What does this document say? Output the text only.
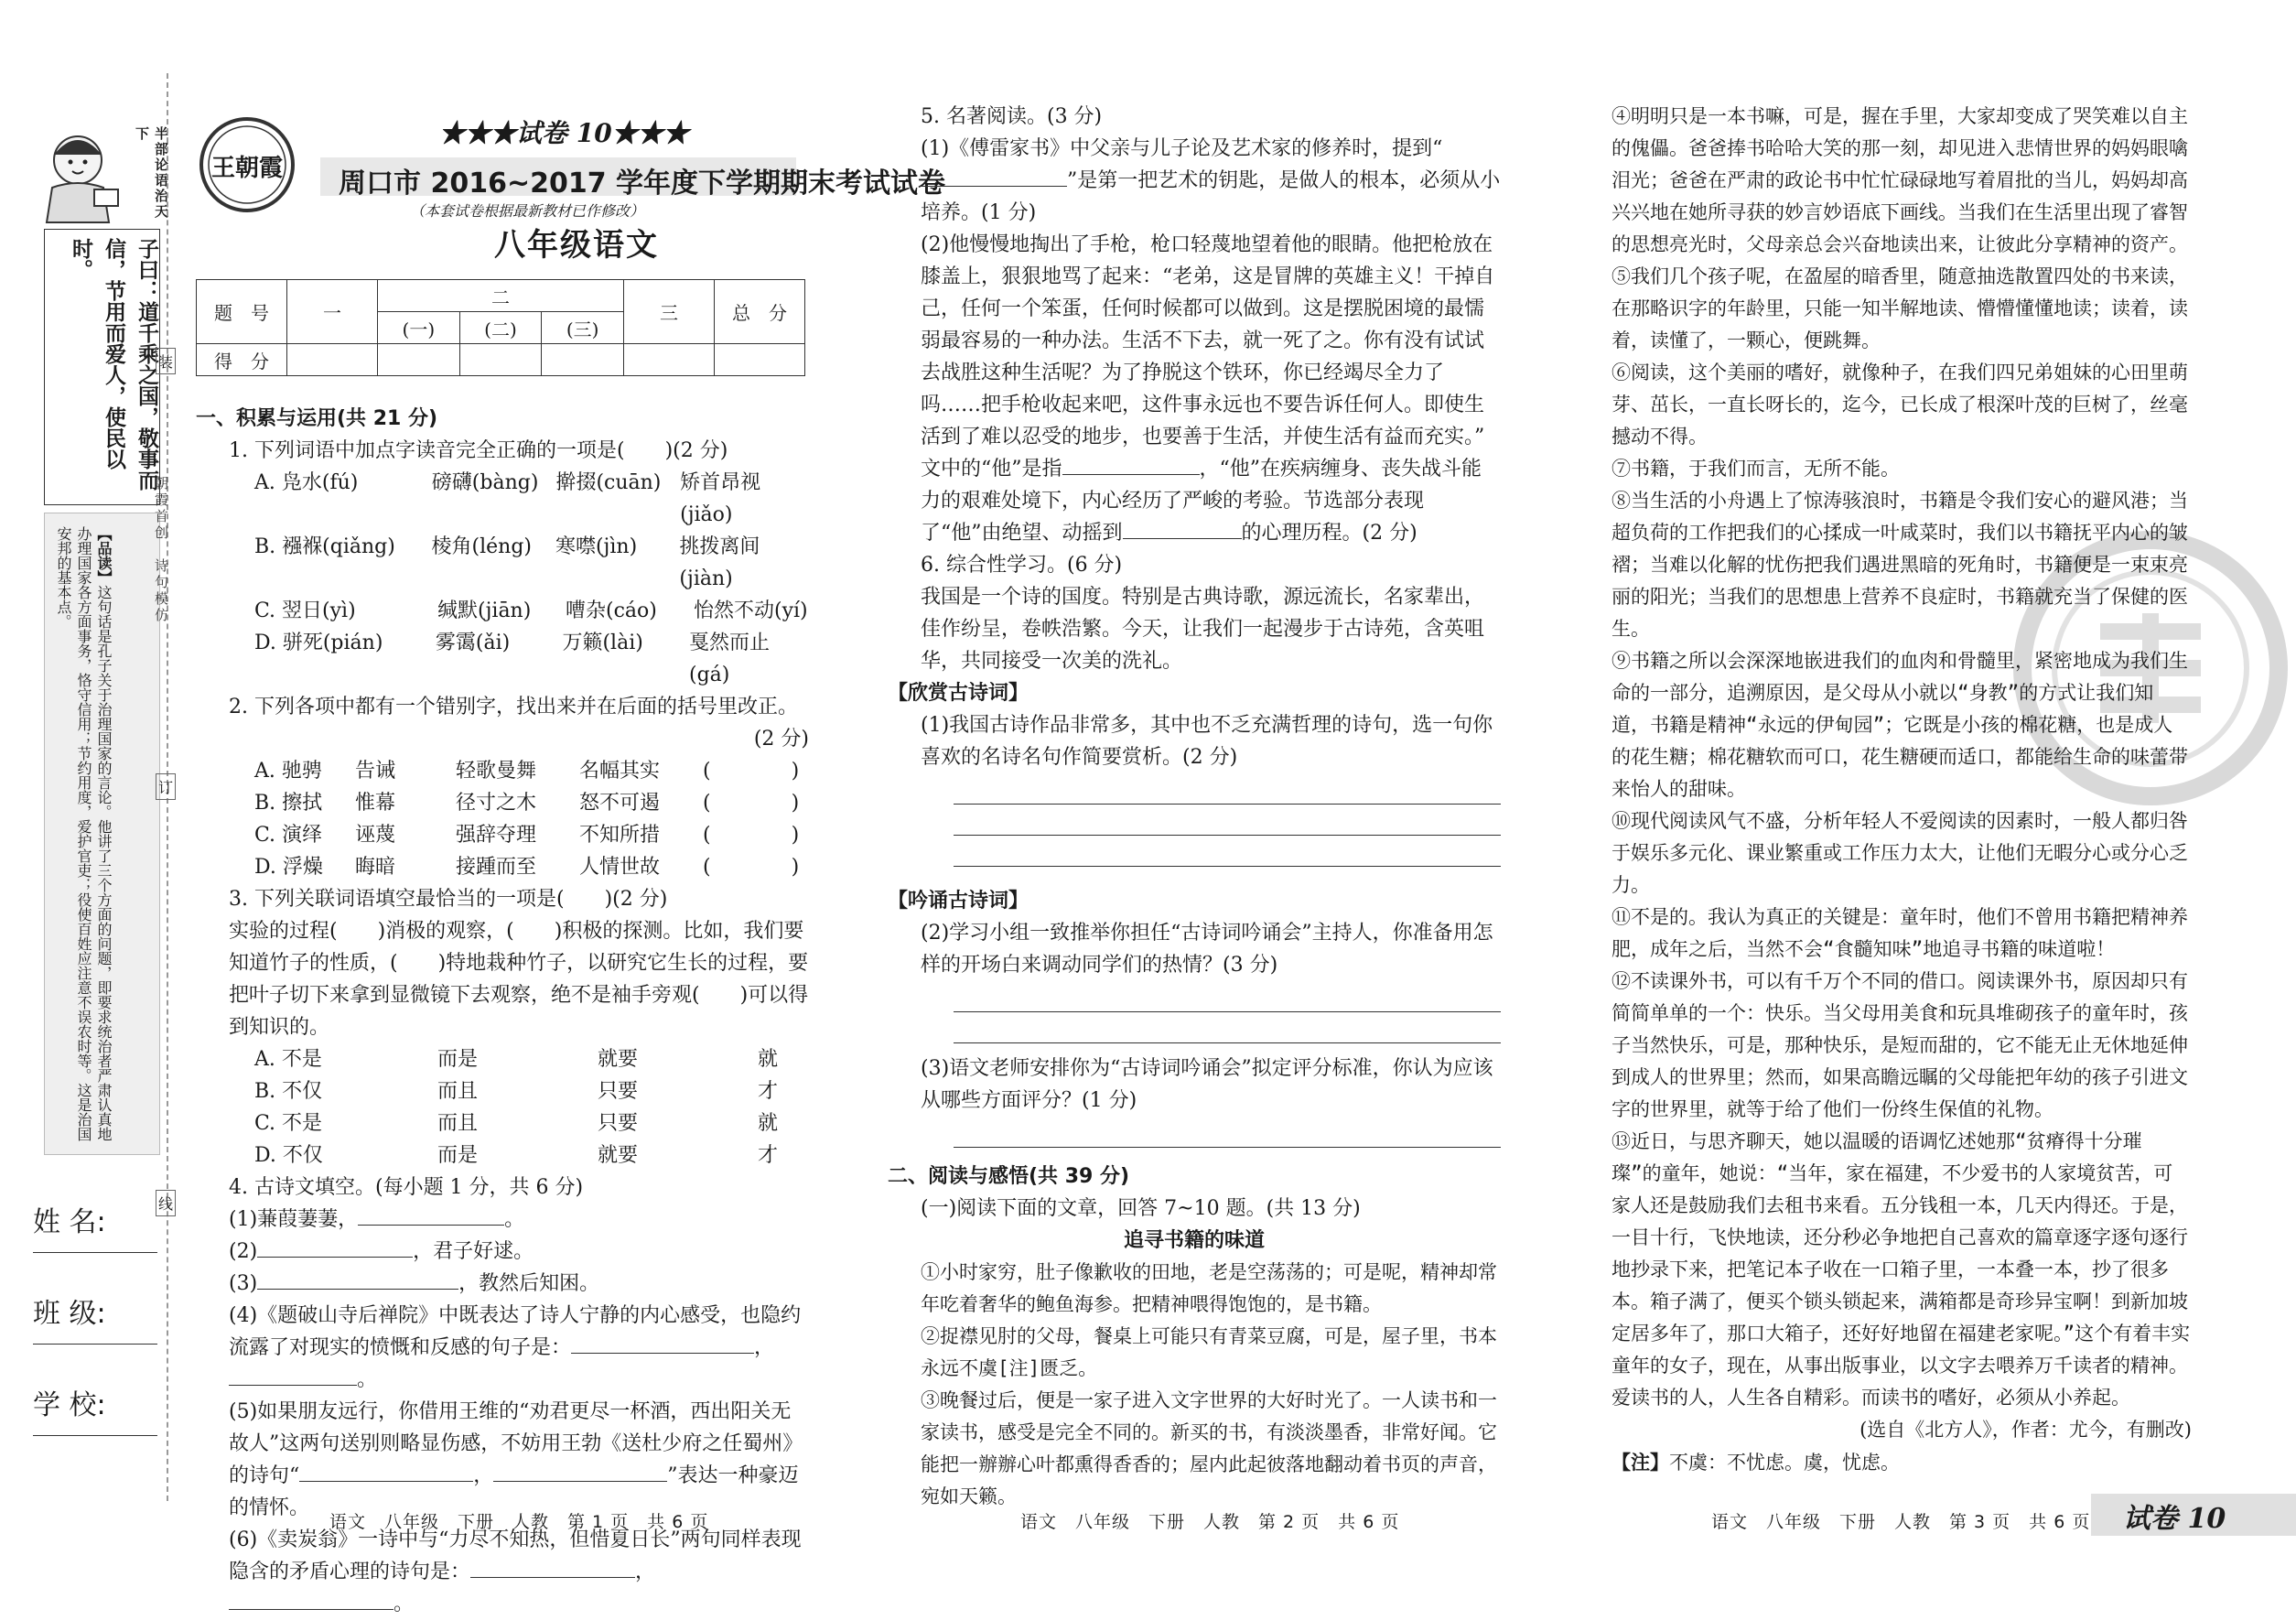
半部论语治天下
子曰：道千乘之国，敬事而信，节用而爱人，使民以时。
【品读】这句话是孔子关于治理国家的言论。他讲了三个方面的问题，即要求统治者严肃认真地办理国家各方面事务，恪守信用；节约用度，爱护官吏；役使百姓应注意不误农时等。这是治国安邦的基本点。	朝霞首创　诗句模仿
装
订
线
姓 名:
班 级:
学 校:
王朝霞
★★★试卷 10★★★
周口市 2016~2017 学年度下学期期末考试试卷
（本套试卷根据最新教材已作修改）
八年级语文
题　号	一	二			三	总　分
		(一)	(二)	(三)		
得　分						

一、积累与运用(共 21 分)

1. 下列词语中加点字读音完全正确的一项是(　　)(2 分)

A. 凫水(fú)	磅礴(bàng) 擀掇(cuān) 矫首昂视(jiǎo)
B. 襁褓(qiǎng)	棱角(léng)	寒噤(jìn)	挑拨离间(jiàn)
C. 翌日(yì)	缄默(jiān)	嘈杂(cáo)	怡然不动(yí)
D. 骈死(pián)	雾霭(ǎi)	万籁(lài)	戛然而止(gá)

2. 下列各项中都有一个错别字，找出来并在后面的括号里改正。

(2 分)

A. 驰骋	告诫	轻歌曼舞	名幅其实	(　　　　)
B. 擦拭	惟幕	径寸之木	怒不可遏	(　　　　)
C. 演绎	诬蔑	强辞夺理	不知所措	(　　　　)
D. 浮燥	晦暗	接踵而至	人情世故	(　　　　)

3. 下列关联词语填空最恰当的一项是(　　)(2 分)

实验的过程(　　)消极的观察，(　　)积极的探测。比如，我们要知道竹子的性质，(　　)特地栽种竹子，以研究它生长的过程，要把叶子切下来拿到显微镜下去观察，绝不是袖手旁观(　　)可以得到知识的。

A. 不是	而是	就要	就
B. 不仅	而且	只要	才
C. 不是	而且	只要	就
D. 不仅	而是	就要	才

4. 古诗文填空。(每小题 1 分，共 6 分)

(1)蒹葭萋萋，	。

(2)	，君子好逑。

(3)	，教然后知困。

(4)《题破山寺后禅院》中既表达了诗人宁静的内心感受，也隐约流露了对现实的愤慨和反感的句子是：	，。

(5)如果朋友远行，你借用王维的“劝君更尽一杯酒，西出阳关无故人”这两句送别则略显伤感，不妨用王勃《送杜少府之任蜀州》的诗句“	，	”表达一种豪迈的情怀。

(6)《卖炭翁》一诗中与“力尽不知热，但惜夏日长”两句同样表现隐含的矛盾心理的诗句是：	，。

5. 名著阅读。(3 分)

(1)《傅雷家书》中父亲与儿子论及艺术家的修养时，提到“”是第一把艺术的钥匙，是做人的根本，必须从小培养。(1 分)

(2)他慢慢地掏出了手枪，枪口轻蔑地望着他的眼睛。他把枪放在膝盖上，狠狠地骂了起来：“老弟，这是冒牌的英雄主义！干掉自己，任何一个笨蛋，任何时候都可以做到。这是摆脱困境的最懦弱最容易的一种办法。生活不下去，就一死了之。你有没有试试去战胜这种生活呢？为了挣脱这个铁环，你已经竭尽全力了吗……把手枪收起来吧，这件事永远也不要告诉任何人。即使生活到了难以忍受的地步，也要善于生活，并使生活有益而充实。”

文中的“他”是指	，“他”在疾病缠身、丧失战斗能力的艰难处境下，内心经历了严峻的考验。节选部分表现了“他”由绝望、动摇到	的心理历程。(2 分)

6. 综合性学习。(6 分)

我国是一个诗的国度。特别是古典诗歌，源远流长，名家辈出，佳作纷呈，卷帙浩繁。今天，让我们一起漫步于古诗苑，含英咀华，共同接受一次美的洗礼。

【欣赏古诗词】

(1)我国古诗作品非常多，其中也不乏充满哲理的诗句，选一句你喜欢的名诗名句作简要赏析。(2 分)

【吟诵古诗词】

(2)学习小组一致推举你担任“古诗词吟诵会”主持人，你准备用怎样的开场白来调动同学们的热情？(3 分)

(3)语文老师安排你为“古诗词吟诵会”拟定评分标准，你认为应该从哪些方面评分？(1 分)

二、阅读与感悟(共 39 分)

(一)阅读下面的文章，回答 7~10 题。(共 13 分)

追寻书籍的味道

①小时家穷，肚子像歉收的田地，老是空荡荡的；可是呢，精神却常年吃着奢华的鲍鱼海参。把精神喂得饱饱的，是书籍。

②捉襟见肘的父母，餐桌上可能只有青菜豆腐，可是，屋子里，书本永远不虞[注]匮乏。

③晚餐过后，便是一家子进入文字世界的大好时光了。一人读书和一家读书，感受是完全不同的。新买的书，有淡淡墨香，非常好闻。它能把一辦辦心叶都熏得香香的；屋内此起彼落地翻动着书页的声音，宛如天籁。

④明明只是一本书嘛，可是，握在手里，大家却变成了哭笑难以自主的傀儡。爸爸捧书哈哈大笑的那一刻，却见进入悲情世界的妈妈眼噙泪光；爸爸在严肃的政论书中忙忙碌碌地写着眉批的当儿，妈妈却高兴兴地在她所寻获的妙言妙语底下画线。当我们在生活里出现了睿智的思想亮光时，父母亲总会兴奋地读出来，让彼此分享精神的资产。

⑤我们几个孩子呢，在盈屋的暗香里，随意抽选散置四处的书来读，在那略识字的年龄里，只能一知半解地读、懵懵懂懂地读；读着，读着，读懂了，一颗心，便跳舞。

⑥阅读，这个美丽的嗜好，就像种子，在我们四兄弟姐妹的心田里萌芽、茁长，一直长呀长的，迄今，已长成了根深叶茂的巨树了，丝毫撼动不得。

⑦书籍，于我们而言，无所不能。

⑧当生活的小舟遇上了惊涛骇浪时，书籍是令我们安心的避风港；当超负荷的工作把我们的心揉成一叶咸菜时，我们以书籍抚平内心的皱褶；当难以化解的忧伤把我们遇进黑暗的死角时，书籍便是一束束亮丽的阳光；当我们的思想患上营养不良症时，书籍就充当了保健的医生。

⑨书籍之所以会深深地嵌进我们的血肉和骨髓里，紧密地成为我们生命的一部分，追溯原因，是父母从小就以“身教”的方式让我们知道，书籍是精神“永远的伊甸园”；它既是小孩的棉花糖，也是成人的花生糖；棉花糖软而可口，花生糖硬而适口，都能给生命的味蕾带来怡人的甜味。

⑩现代阅读风气不盛，分析年轻人不爱阅读的因素时，一般人都归咎于娱乐多元化、课业繁重或工作压力太大，让他们无暇分心或分心乏力。

⑪不是的。我认为真正的关键是：童年时，他们不曾用书籍把精神养肥，成年之后，当然不会“食髓知味”地追寻书籍的味道啦！

⑫不读课外书，可以有千万个不同的借口。阅读课外书，原因却只有简简单单的一个：快乐。当父母用美食和玩具堆砌孩子的童年时，孩子当然快乐，可是，那种快乐，是短而甜的，它不能无止无休地延伸到成人的世界里；然而，如果高瞻远瞩的父母能把年幼的孩子引进文字的世界里，就等于给了他们一份终生保值的礼物。

⑬近日，与思齐聊天，她以温暖的语调忆述她那“贫瘠得十分璀璨”的童年，她说：“当年，家在福建，不少爱书的人家境贫苦，可家人还是鼓励我们去租书来看。五分钱租一本，几天内得还。于是，一目十行，飞快地读，还分秒必争地把自己喜欢的篇章逐字逐句逐行地抄录下来，把笔记本子收在一口箱子里，一本叠一本，抄了很多本。箱子满了，便买个锁头锁起来，满箱都是奇珍异宝啊！到新加坡定居多年了，那口大箱子，还好好地留在福建老家呢。”这个有着丰实童年的女子，现在，从事出版事业，以文字去喂养万千读者的精神。爱读书的人，人生各自精彩。而读书的嗜好，必须从小养起。

(选自《北方人》，作者：尤今，有删改)

【注】不虞：不忧虑。虞，忧虑。

语文　八年级　下册　人教　第 1 页　共 6 页	语文　八年级　下册　人教　第 2 页　共 6 页	语文　八年级　下册　人教　第 3 页　共 6 页 试卷 10
